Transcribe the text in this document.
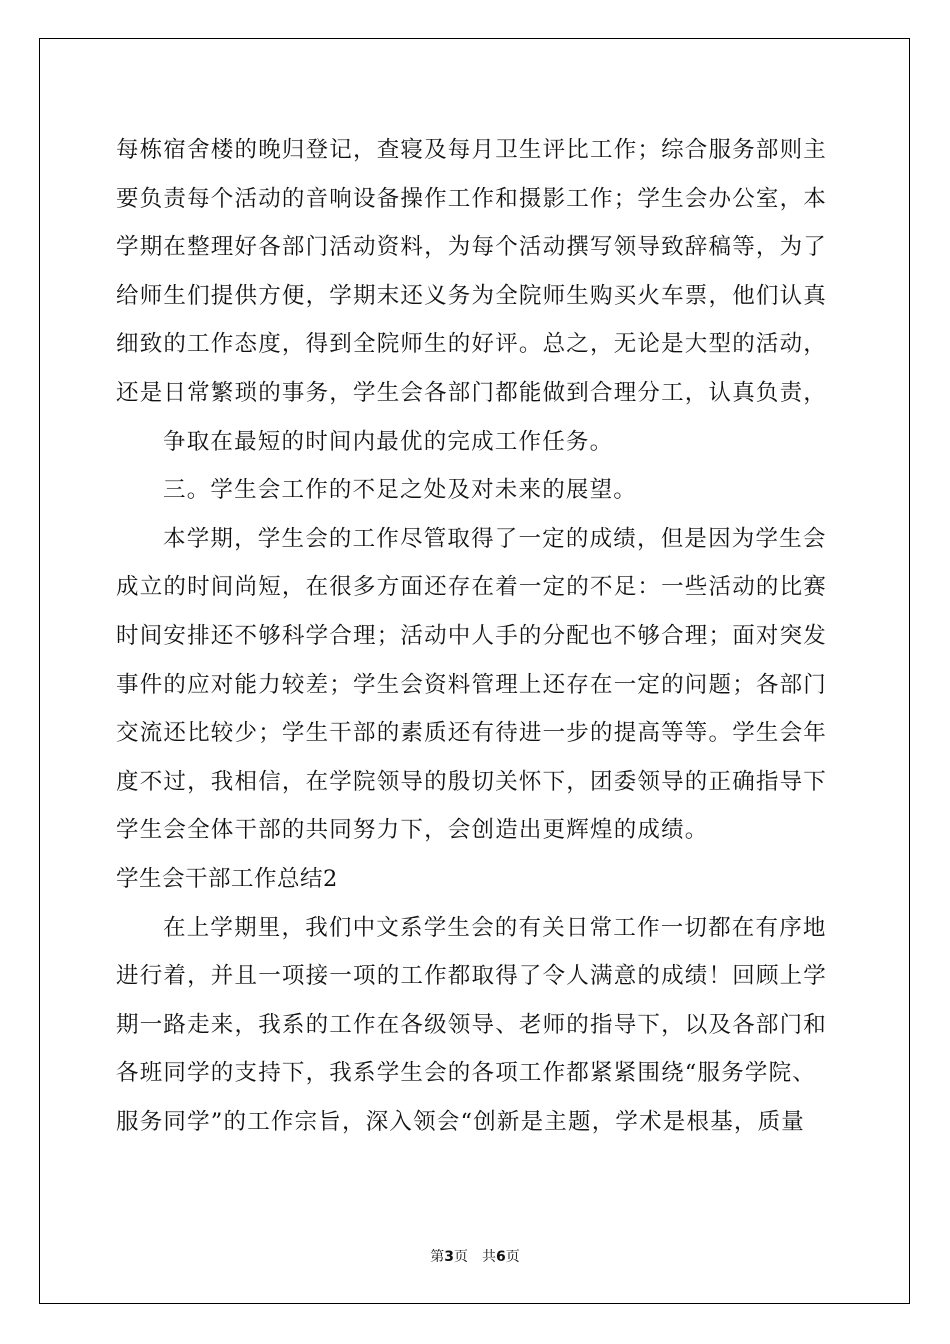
每栋宿舍楼的晚归登记，查寝及每月卫生评比工作；综合服务部则主
要负责每个活动的音响设备操作工作和摄影工作；学生会办公室，本
学期在整理好各部门活动资料，为每个活动撰写领导致辞稿等，为了
给师生们提供方便，学期末还义务为全院师生购买火车票，他们认真
细致的工作态度，得到全院师生的好评。总之，无论是大型的活动，
还是日常繁琐的事务，学生会各部门都能做到合理分工，认真负责，
争取在最短的时间内最优的完成工作任务。
三。学生会工作的不足之处及对未来的展望。
本学期，学生会的工作尽管取得了一定的成绩，但是因为学生会
成立的时间尚短，在很多方面还存在着一定的不足：一些活动的比赛
时间安排还不够科学合理；活动中人手的分配也不够合理；面对突发
事件的应对能力较差；学生会资料管理上还存在一定的问题；各部门
交流还比较少；学生干部的素质还有待进一步的提高等等。学生会年
度不过，我相信，在学院领导的殷切关怀下，团委领导的正确指导下
学生会全体干部的共同努力下，会创造出更辉煌的成绩。
学生会干部工作总结2
在上学期里，我们中文系学生会的有关日常工作一切都在有序地
进行着，并且一项接一项的工作都取得了令人满意的成绩！回顾上学
期一路走来，我系的工作在各级领导、老师的指导下，以及各部门和
各班同学的支持下，我系学生会的各项工作都紧紧围绕“服务学院、
服务同学”的工作宗旨，深入领会“创新是主题，学术是根基，质量
第3页 共6页
